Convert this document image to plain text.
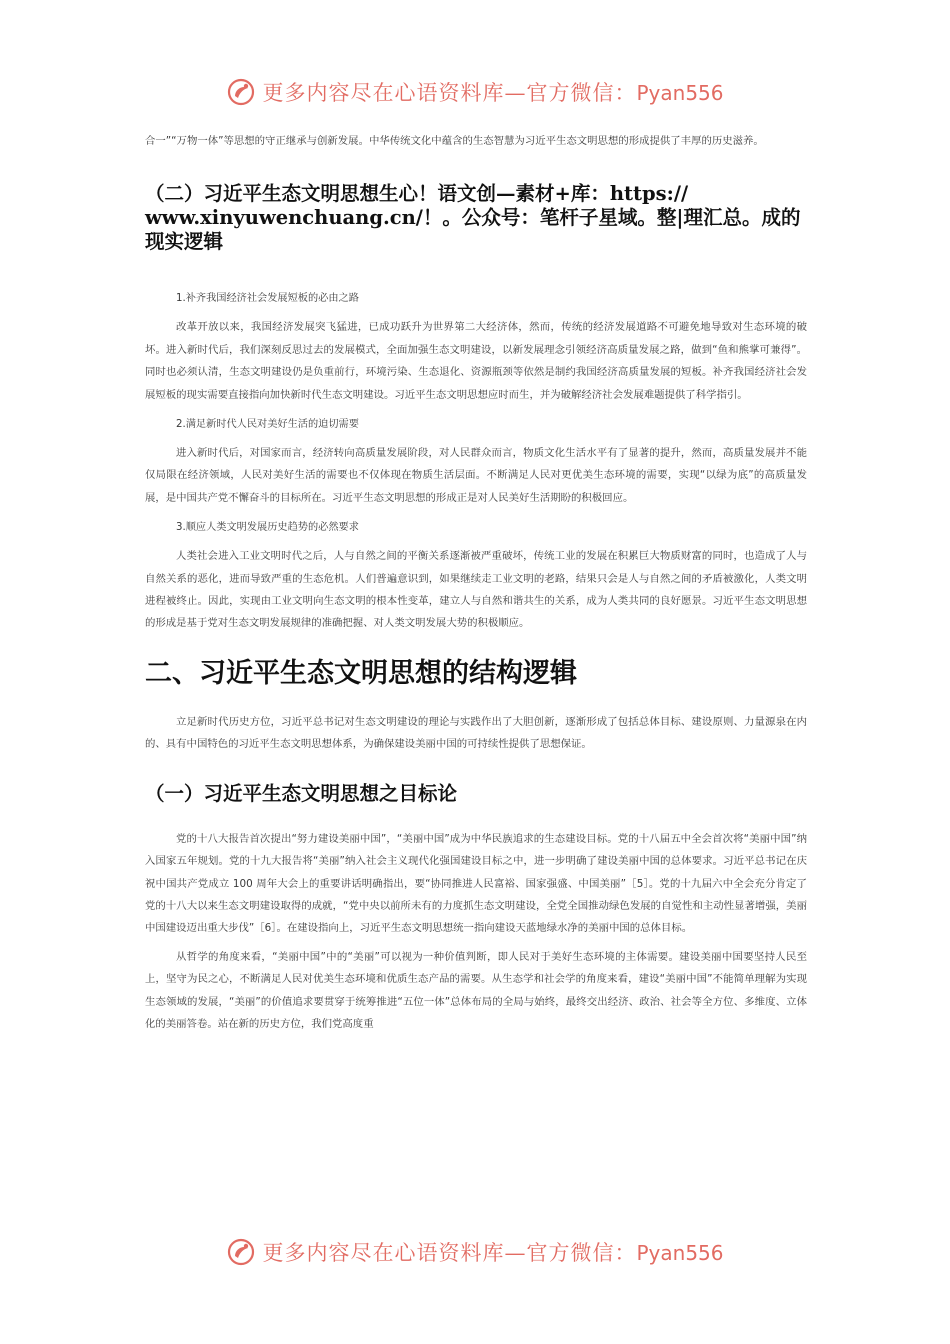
更多内容尽在心语资料库—官方微信：Pyan556

合一”“万物一体”等思想的守正继承与创新发展。中华传统文化中蕴含的生态智慧为习近平生态文明思想的形成提供了丰厚的历史滋养。

（二）习近平生态文明思想生心！语文创—素材+库：https:// www.xinyuwenchuang.cn/！。公众号：笔杆子星域。整|理汇总。成的现实逻辑
1.补齐我国经济社会发展短板的必由之路

改革开放以来，我国经济发展突飞猛进，已成功跃升为世界第二大经济体，然而，传统的经济发展道路不可避免地导致对生态环境的破坏。进入新时代后，我们深刻反思过去的发展模式，全面加强生态文明建设，以新发展理念引领经济高质量发展之路，做到“鱼和熊掌可兼得”。同时也必须认清，生态文明建设仍是负重前行，环境污染、生态退化、资源瓶颈等依然是制约我国经济高质量发展的短板。补齐我国经济社会发展短板的现实需要直接指向加快新时代生态文明建设。习近平生态文明思想应时而生，并为破解经济社会发展难题提供了科学指引。

2.满足新时代人民对美好生活的迫切需要

进入新时代后，对国家而言，经济转向高质量发展阶段，对人民群众而言，物质文化生活水平有了显著的提升，然而，高质量发展并不能仅局限在经济领域，人民对美好生活的需要也不仅体现在物质生活层面。不断满足人民对更优美生态环境的需要，实现“以绿为底”的高质量发展，是中国共产党不懈奋斗的目标所在。习近平生态文明思想的形成正是对人民美好生活期盼的积极回应。

3.顺应人类文明发展历史趋势的必然要求

人类社会进入工业文明时代之后，人与自然之间的平衡关系逐渐被严重破坏，传统工业的发展在积累巨大物质财富的同时，也造成了人与自然关系的恶化，进而导致严重的生态危机。人们普遍意识到，如果继续走工业文明的老路，结果只会是人与自然之间的矛盾被激化，人类文明进程被终止。因此，实现由工业文明向生态文明的根本性变革，建立人与自然和谐共生的关系，成为人类共同的良好愿景。习近平生态文明思想的形成是基于党对生态文明发展规律的准确把握、对人类文明发展大势的积极顺应。

二、习近平生态文明思想的结构逻辑

立足新时代历史方位，习近平总书记对生态文明建设的理论与实践作出了大胆创新，逐渐形成了包括总体目标、建设原则、力量源泉在内的、具有中国特色的习近平生态文明思想体系，为确保建设美丽中国的可持续性提供了思想保证。

（一）习近平生态文明思想之目标论

党的十八大报告首次提出“努力建设美丽中国”，“美丽中国”成为中华民族追求的生态建设目标。党的十八届五中全会首次将“美丽中国”纳入国家五年规划。党的十九大报告将“美丽”纳入社会主义现代化强国建设目标之中，进一步明确了建设美丽中国的总体要求。习近平总书记在庆祝中国共产党成立 100 周年大会上的重要讲话明确指出，要“协同推进人民富裕、国家强盛、中国美丽”［5］。党的十九届六中全会充分肯定了党的十八大以来生态文明建设取得的成就，“党中央以前所未有的力度抓生态文明建设，全党全国推动绿色发展的自觉性和主动性显著增强，美丽中国建设迈出重大步伐”［6］。在建设指向上，习近平生态文明思想统一指向建设天蓝地绿水净的美丽中国的总体目标。

从哲学的角度来看，“美丽中国”中的“美丽”可以视为一种价值判断，即人民对于美好生态环境的主体需要。建设美丽中国要坚持人民至上，坚守为民之心，不断满足人民对优美生态环境和优质生态产品的需要。从生态学和社会学的角度来看，建设“美丽中国”不能简单理解为实现生态领域的发展，“美丽”的价值追求要贯穿于统筹推进“五位一体”总体布局的全局与始终，最终交出经济、政治、社会等全方位、多维度、立体化的美丽答卷。站在新的历史方位，我们党高度重

更多内容尽在心语资料库—官方微信：Pyan556
